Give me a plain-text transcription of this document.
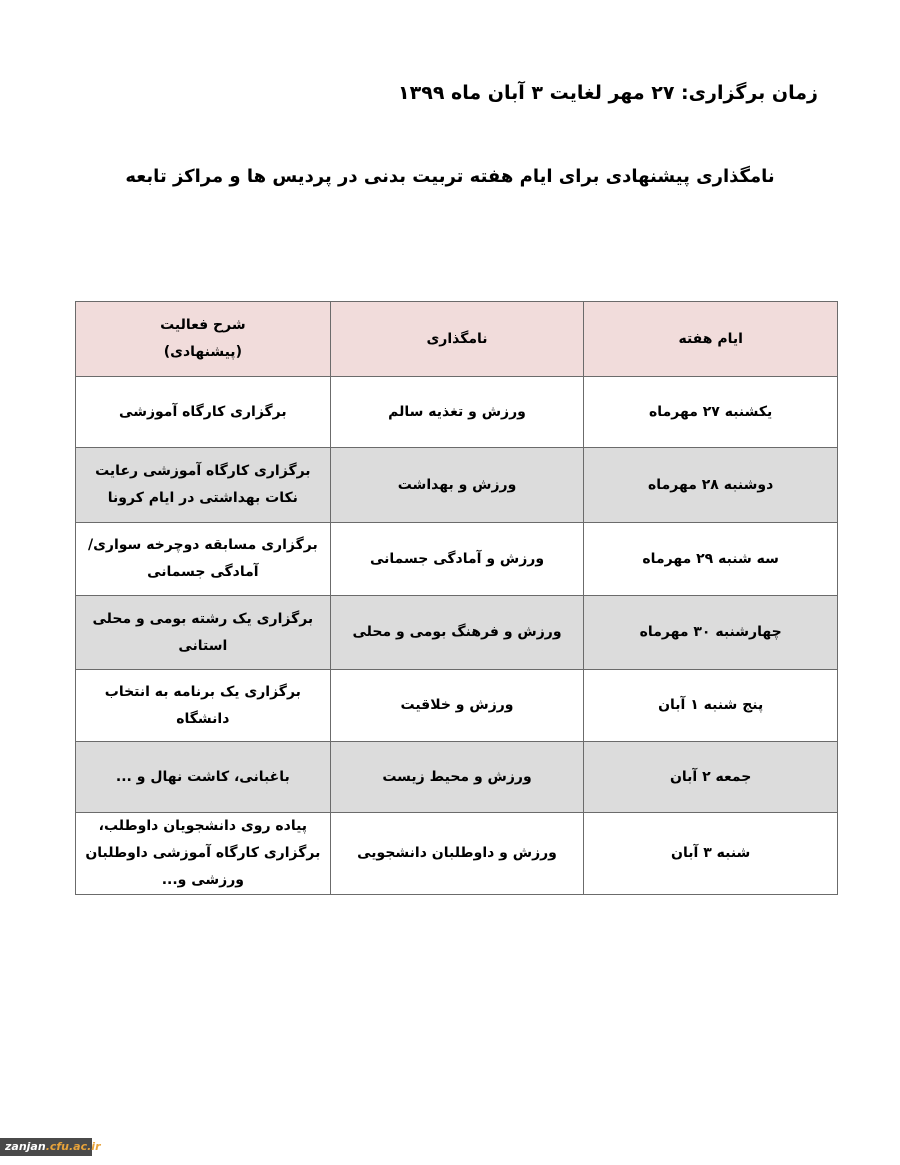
زمان برگزاری: ۲۷ مهر لغایت ۳ آبان ماه ۱۳۹۹
نامگذاری پیشنهادی برای ایام هفته تربیت بدنی در پردیس ها و مراکز تابعه
ایام هفته	نامگذاری	شرح فعالیت
(پیشنهادی)

یکشنبه ۲۷ مهرماه	ورزش و تغذیه سالم	برگزاری کارگاه آموزشی
دوشنبه ۲۸ مهرماه	ورزش و بهداشت	برگزاری کارگاه آموزشی رعایت نکات بهداشتی در ایام کرونا
سه شنبه ۲۹ مهرماه	ورزش و آمادگی جسمانی	برگزاری مسابقه دوچرخه سواری/ آمادگی جسمانی
چهارشنبه ۳۰ مهرماه	ورزش و فرهنگ بومی و محلی	برگزاری یک رشته بومی و محلی استانی
پنج شنبه ۱ آبان	ورزش و خلاقیت	برگزاری یک برنامه به انتخاب دانشگاه
جمعه ۲ آبان	ورزش و محیط زیست	باغبانی، کاشت نهال و ...
شنبه ۳ آبان	ورزش و داوطلبان دانشجویی	پیاده روی دانشجویان داوطلب، برگزاری کارگاه آموزشی داوطلبان ورزشی و...
zanjan.cfu.ac.ir
